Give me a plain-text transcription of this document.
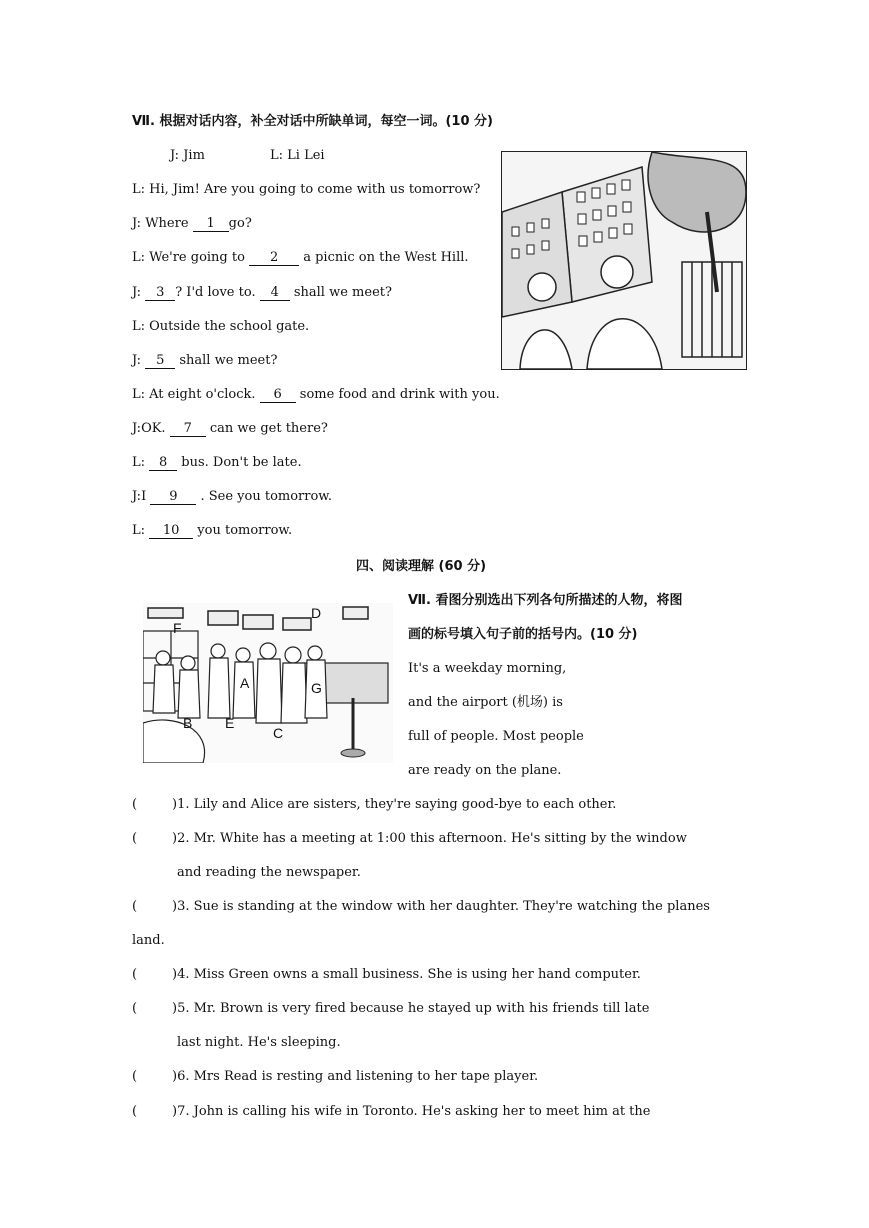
Ⅶ. 根据对话内容，补全对话中所缺单词，每空一词。(10 分)
J: Jim	L: Li Lei
L: Hi, Jim! Are you going to come with us tomorrow?
J: Where 1 go?
L: We're going to 2 a picnic on the West Hill.
J: 3 ? I'd love to. 4 shall we meet?
L: Outside the school gate.
J: 5 shall we meet?
L: At eight o'clock. 6 some food and drink with you.
J:OK. 7 can we get there?
L: 8 bus. Don't be late.
J:I 9 . See you tomorrow.
L: 10 you tomorrow.
四、阅读理解 (60 分)
Ⅶ. 看图分别选出下列各句所描述的人物，将图
画的标号填入句子前的括号内。(10 分)
It's a weekday morning,
and the airport (机场) is
full of people. Most people
are ready on the plane.
F
B E
C
D
G
A
(	)1. Lily and Alice are sisters, they're saying good-bye to each other.
(	)2. Mr. White has a meeting at 1:00 this afternoon. He's sitting by the window
and reading the newspaper.
(	)3. Sue is standing at the window with her daughter. They're watching the planes
land.
(	)4. Miss Green owns a small business. She is using her hand computer.
(	)5. Mr. Brown is very fired because he stayed up with his friends till late
last night. He's sleeping.
(	)6. Mrs Read is resting and listening to her tape player.
(	)7. John is calling his wife in Toronto. He's asking her to meet him at the
